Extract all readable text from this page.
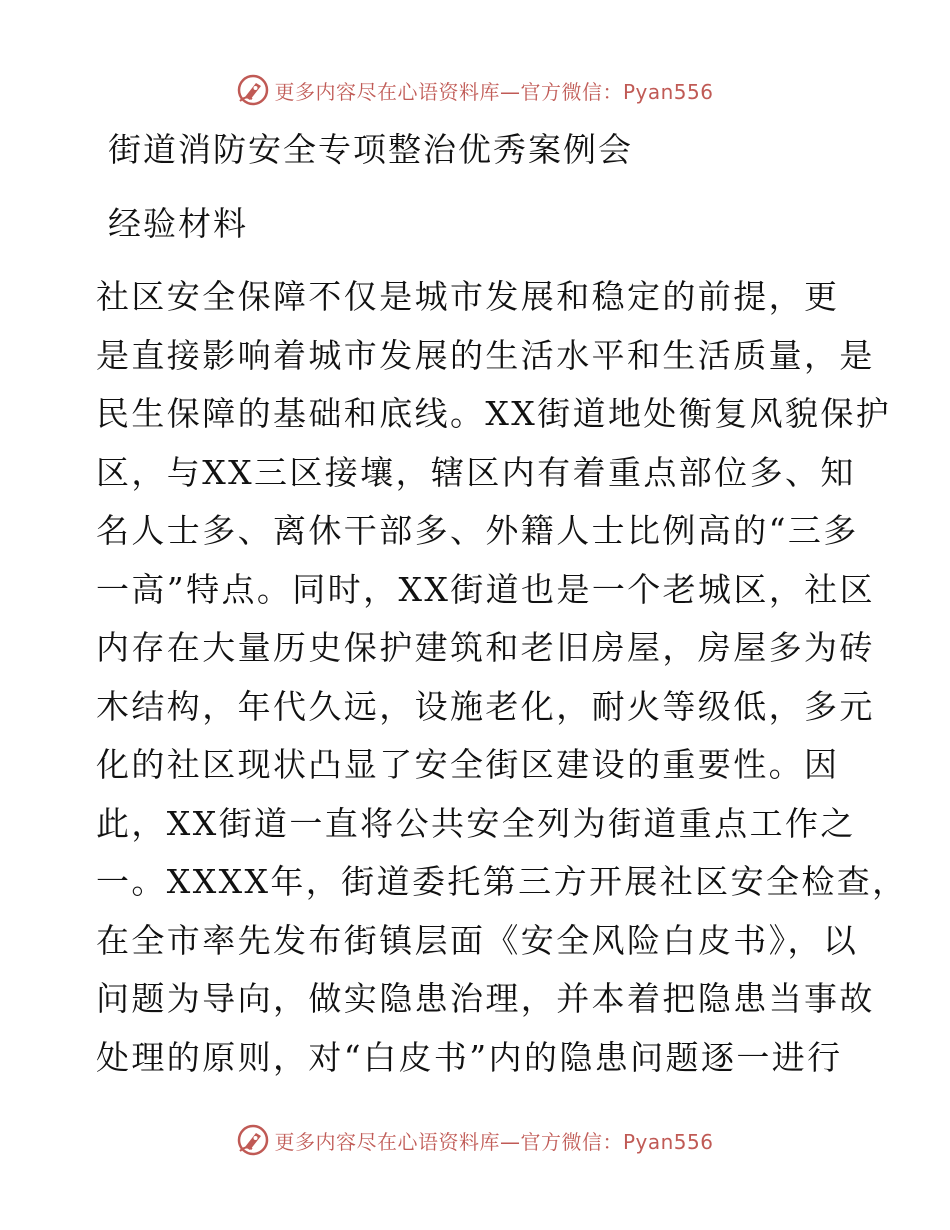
更多内容尽在心语资料库—官方微信：Pyan556
街道消防安全专项整治优秀案例会
经验材料
社区安全保障不仅是城市发展和稳定的前提，更
是直接影响着城市发展的生活水平和生活质量，是
民生保障的基础和底线。XX街道地处衡复风貌保护
区，与XX三区接壤，辖区内有着重点部位多、知
名人士多、离休干部多、外籍人士比例高的“三多
一高”特点。同时，XX街道也是一个老城区，社区
内存在大量历史保护建筑和老旧房屋，房屋多为砖
木结构，年代久远，设施老化，耐火等级低，多元
化的社区现状凸显了安全街区建设的重要性。因
此，XX街道一直将公共安全列为街道重点工作之
一。XXXX年，街道委托第三方开展社区安全检查，
在全市率先发布街镇层面《安全风险白皮书》，以
问题为导向，做实隐患治理，并本着把隐患当事故
处理的原则，对“白皮书”内的隐患问题逐一进行
更多内容尽在心语资料库—官方微信：Pyan556
